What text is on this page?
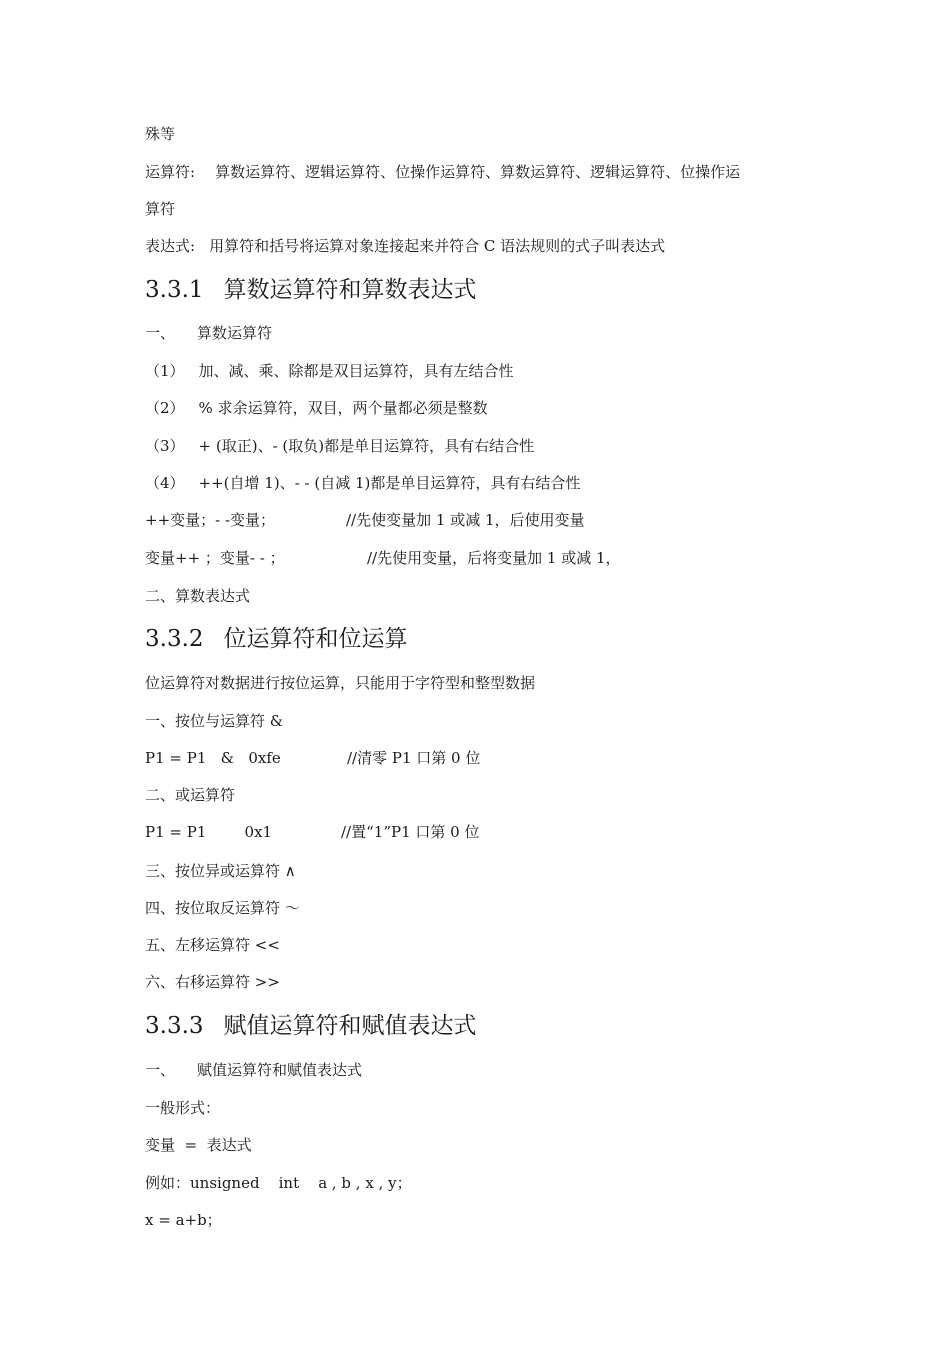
殊等
运算符: 算数运算符、逻辑运算符、位操作运算符、算数运算符、逻辑运算符、位操作运
算符
表达式: 用算符和括号将运算对象连接起来并符合 C 语法规则的式子叫表达式
3.3.1 算数运算符和算数表达式
一、 算数运算符
（1） 加、减、乘、除都是双目运算符，具有左结合性
（2） % 求余运算符，双目，两个量都必须是整数
（3） + (取正)、- (取负)都是单目运算符，具有右结合性
（4） ++(自增 1)、- - (自减 1)都是单目运算符，具有右结合性
++变量；- -变量；	//先使变量加 1 或减 1，后使用变量
变量++ ；变量- - ；	//先使用变量，后将变量加 1 或减 1，
二、算数表达式
3.3.2 位运算符和位运算
位运算符对数据进行按位运算，只能用于字符型和整型数据
一、按位与运算符 &
P1 = P1   &   0xfe	//清零 P1 口第 0 位
二、或运算符
P1 = P1        0x1	//置“1”P1 口第 0 位
三、按位异或运算符 ∧
四、按位取反运算符 ～
五、左移运算符 <<
六、右移运算符 >>
3.3.3 赋值运算符和赋值表达式
一、 赋值运算符和赋值表达式
一般形式：
变量  =  表达式
例如：unsigned    int    a , b , x , y；
x = a+b；
